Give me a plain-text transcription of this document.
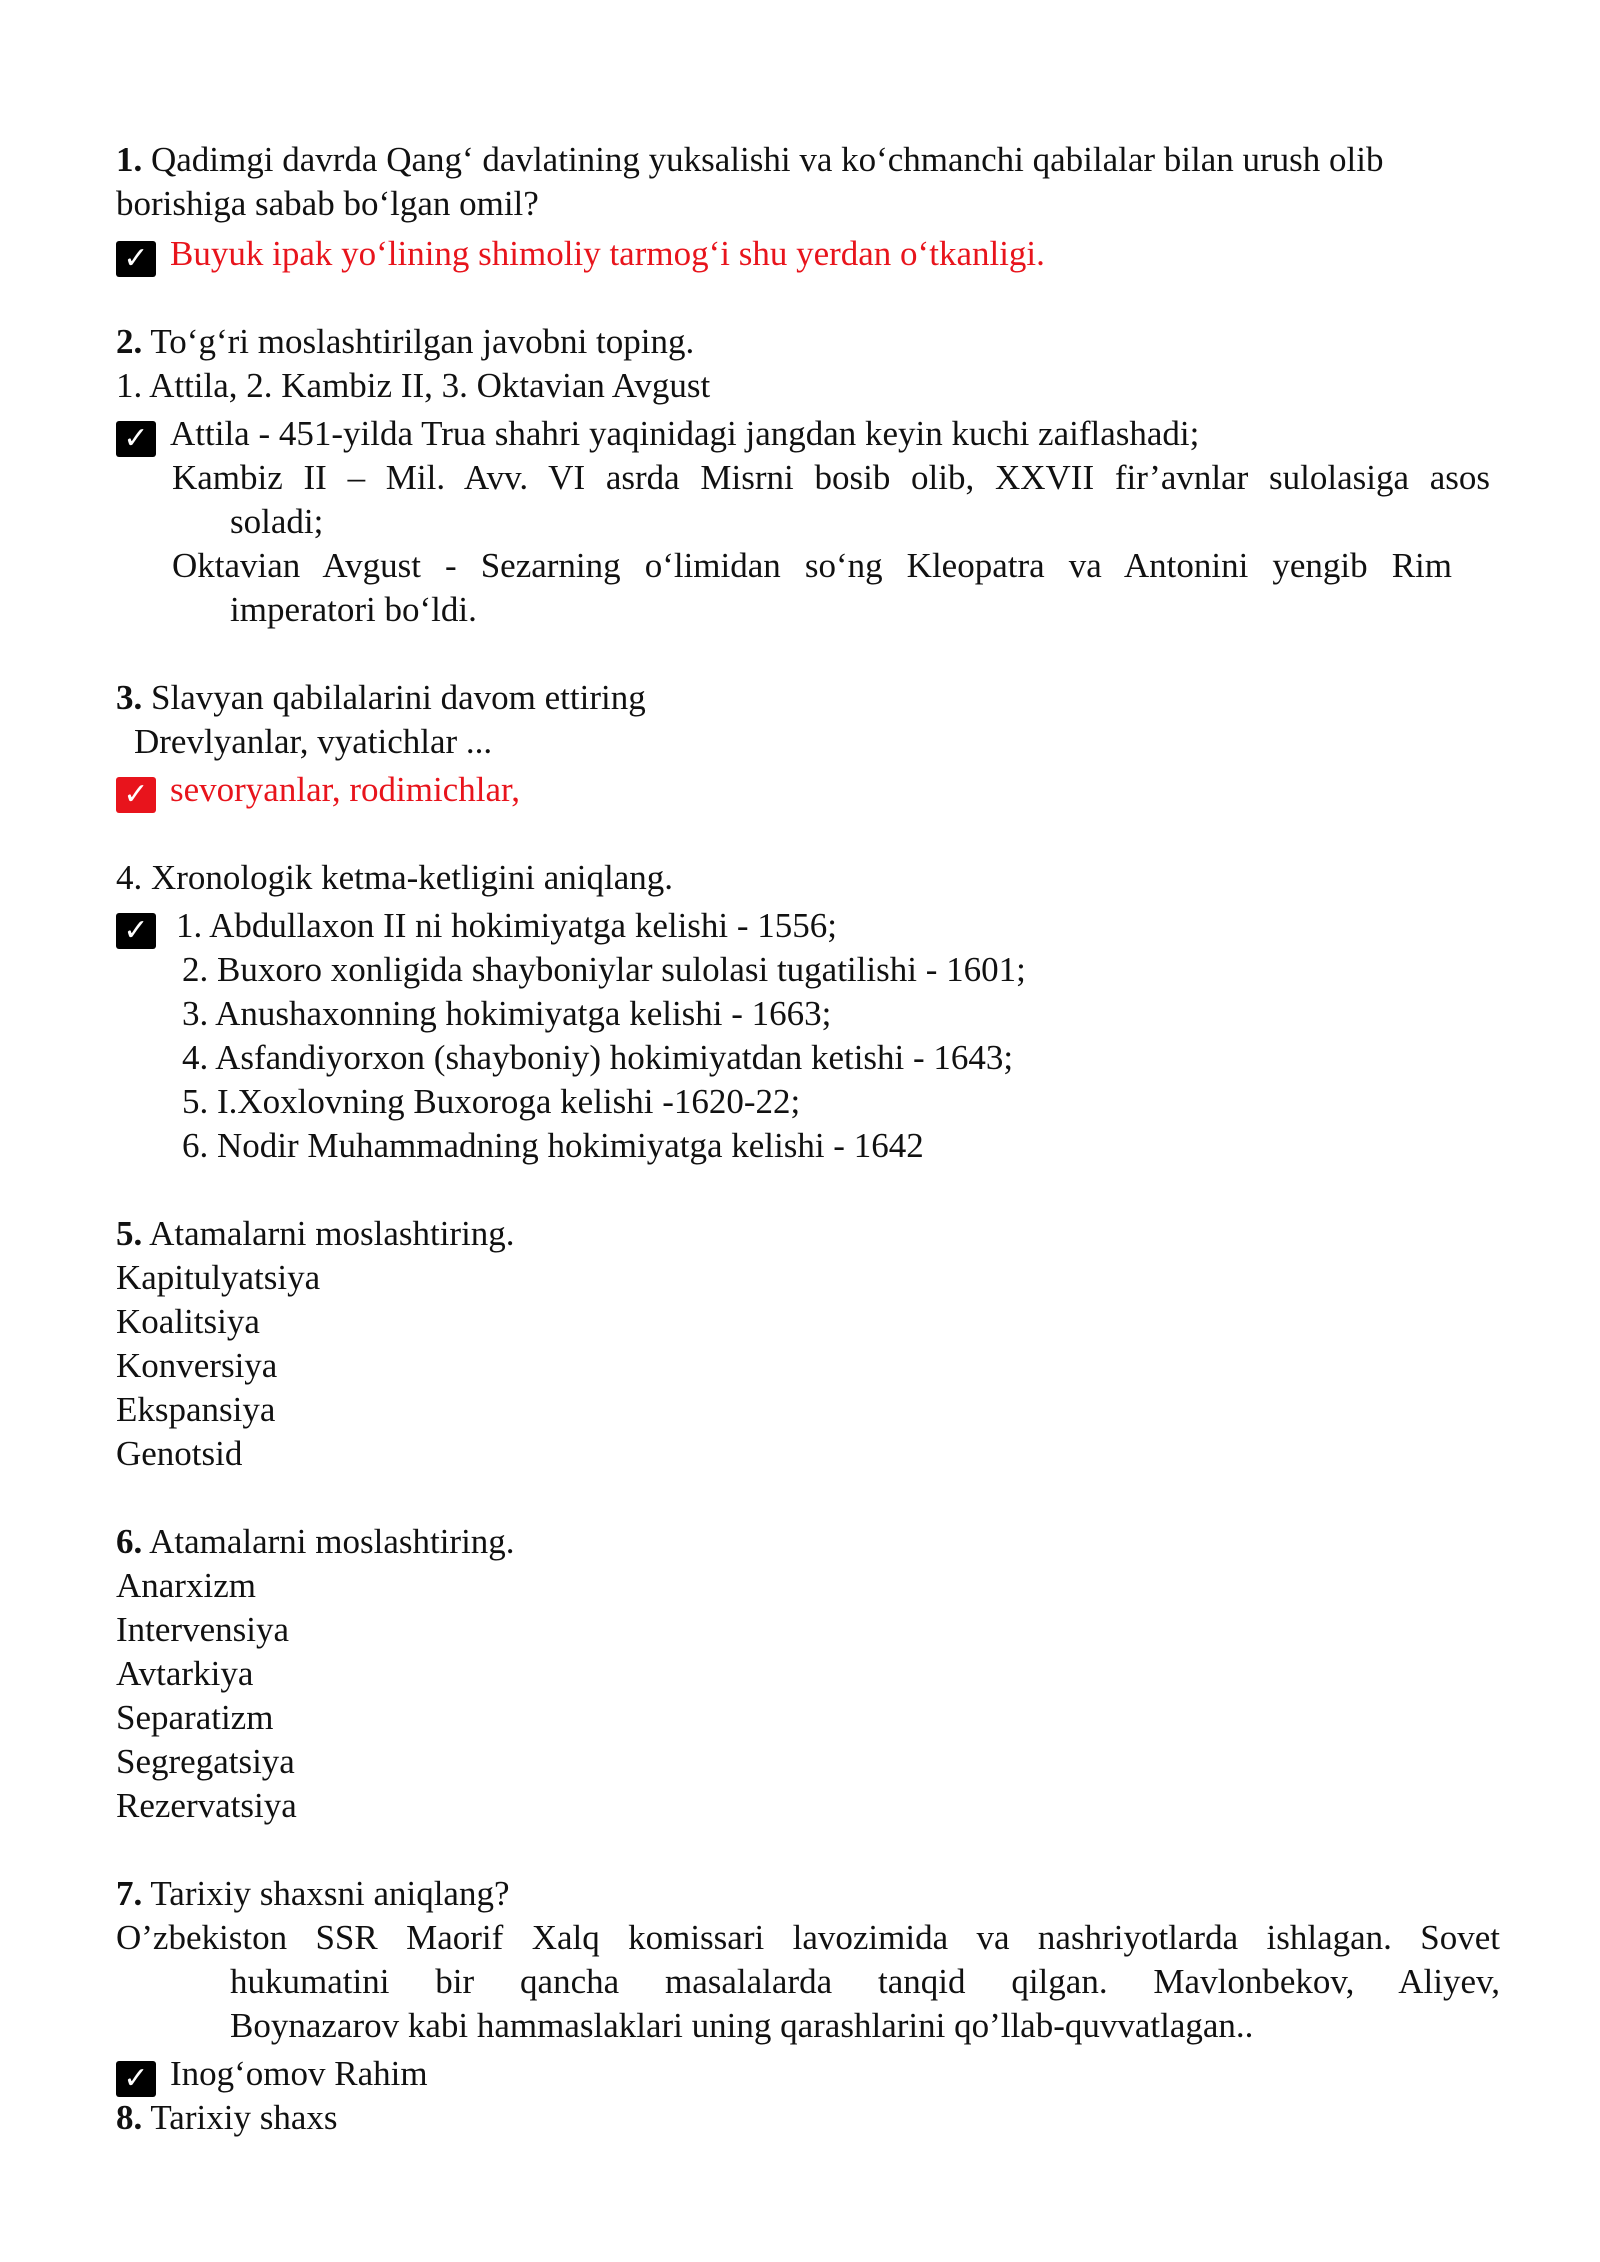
1. Qadimgi davrda Qang‘ davlatining yuksalishi va ko‘chmanchi qabilalar bilan urush olib
borishiga sabab bo‘lgan omil?
✓ Buyuk ipak yo‘lining shimoliy tarmog‘i shu yerdan o‘tkanligi.
2. To‘g‘ri moslashtirilgan javobni toping.
1. Attila, 2. Kambiz II, 3. Oktavian Avgust
✓ Attila - 451-yilda Trua shahri yaqinidagi jangdan keyin kuchi zaiflashadi;
Kambiz II – Mil. Avv. VI asrda Misrni bosib olib, XXVII fir’avnlar sulolasiga asos
soladi;
Oktavian Avgust - Sezarning o‘limidan so‘ng Kleopatra va Antonini yengib Rim
imperatori bo‘ldi.
3. Slavyan qabilalarini davom ettiring
Drevlyanlar, vyatichlar ...
✓ sevoryanlar, rodimichlar,
4. Xronologik ketma-ketligini aniqlang.
✓ 1. Abdullaxon II ni hokimiyatga kelishi - 1556;
2. Buxoro xonligida shayboniylar sulolasi tugatilishi - 1601;
3. Anushaxonning hokimiyatga kelishi - 1663;
4. Asfandiyorxon (shayboniy) hokimiyatdan ketishi - 1643;
5. I.Xoxlovning Buxoroga kelishi -1620-22;
6. Nodir Muhammadning hokimiyatga kelishi - 1642
5. Atamalarni moslashtiring.
Kapitulyatsiya
Koalitsiya
Konversiya
Ekspansiya
Genotsid
6. Atamalarni moslashtiring.
Anarxizm
Intervensiya
Avtarkiya
Separatizm
Segregatsiya
Rezervatsiya
7. Tarixiy shaxsni aniqlang?
O’zbekiston SSR Maorif Xalq komissari lavozimida va nashriyotlarda ishlagan. Sovet
hukumatini bir qancha masalalarda tanqid qilgan. Mavlonbekov, Aliyev,
Boynazarov kabi hammaslaklari uning qarashlarini qo’llab-quvvatlagan..
✓ Inog‘omov Rahim
8. Tarixiy shaxs
